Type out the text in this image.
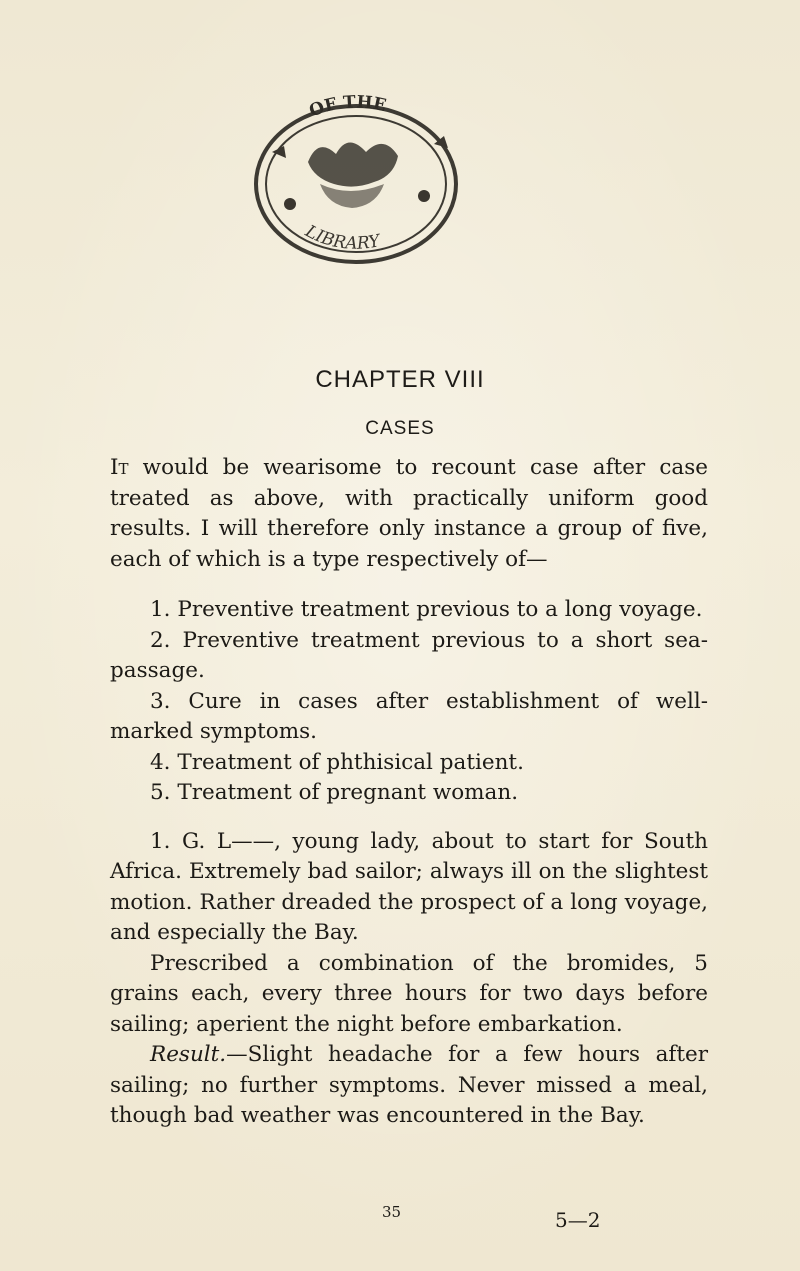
OF THE
LIBRARY
CHAPTER VIII
CASES

It would be wearisome to recount case after case treated as above, with practically uniform good results. I will therefore only instance a group of five, each of which is a type respectively of—

1. Preventive treatment previous to a long voyage.

2. Preventive treatment previous to a short sea-passage.

3. Cure in cases after establishment of well-marked symptoms.

4. Treatment of phthisical patient.

5. Treatment of pregnant woman.

1. G. L——, young lady, about to start for South Africa. Extremely bad sailor; always ill on the slightest motion. Rather dreaded the prospect of a long voyage, and especially the Bay.

Prescribed a combination of the bromides, 5 grains each, every three hours for two days before sailing; aperient the night before embarkation.

Result.—Slight headache for a few hours after sailing; no further symptoms. Never missed a meal, though bad weather was encountered in the Bay.

35	5—2
